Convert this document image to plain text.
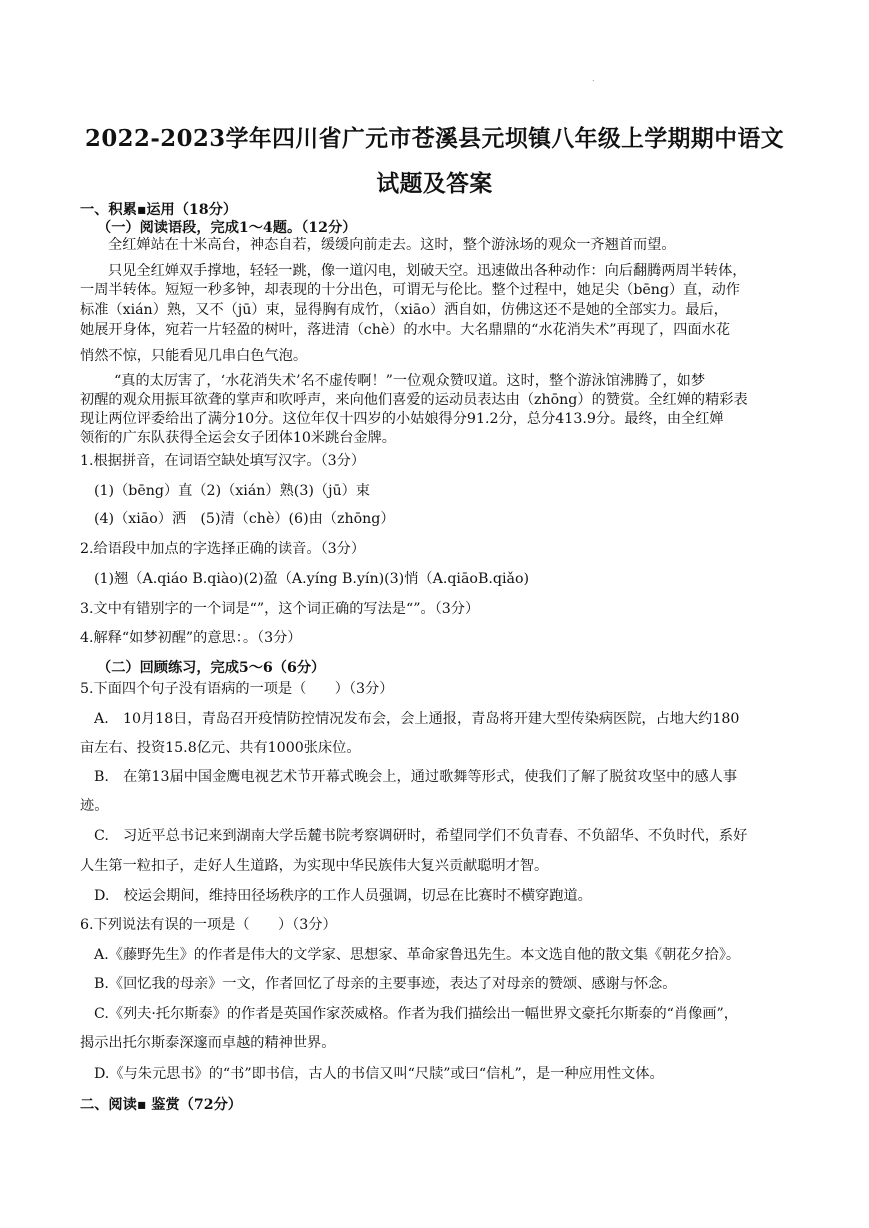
.
2022-2023学年四川省广元市苍溪县元坝镇八年级上学期期中语文
试题及答案
一、积累▪运用（18分）
（一）阅读语段，完成1～4题。（12分）
全红婵站在十米高台，神态自若，缓缓向前走去。这时，整个游泳场的观众一齐翘首而望。
只见全红婵双手撑地，轻轻一跳，像一道闪电，划破天空。迅速做出各种动作：向后翻腾两周半转体，
一周半转体。短短一秒多钟，却表现的十分出色，可谓无与伦比。整个过程中，她足尖（bēng）直，动作
标准（xián）熟，又不（jū）束，显得胸有成竹，（xiāo）洒自如，仿佛这还不是她的全部实力。最后，
她展开身体，宛若一片轻盈的树叶，落进清（chè）的水中。大名鼎鼎的“水花消失术”再现了，四面水花
悄然不惊，只能看见几串白色气泡。
“真的太厉害了，‘水花消失术’名不虚传啊！”一位观众赞叹道。这时，整个游泳馆沸腾了，如梦
初醒的观众用振耳欲聋的掌声和吹呼声，来向他们喜爱的运动员表达由（zhōng）的赞赏。全红婵的精彩表
现让两位评委给出了满分10分。这位年仅十四岁的小姑娘得分91.2分，总分413.9分。最终，由全红婵
领衔的广东队获得全运会女子团体10米跳台金牌。
1.根据拼音，在词语空缺处填写汉字。（3分）
(1)（bēng）直（2)（xián）熟(3)（jū）束
(4)（xiāo）洒　(5)清（chè）(6)由（zhōng）
2.给语段中加点的字选择正确的读音。（3分）
(1)翘（A.qiáo B.qiào)(2)盈（A.yíng B.yín)(3)悄（A.qiāoB.qiǎo)
3.文中有错别字的一个词是“”，这个词正确的写法是“”。（3分）
4.解释“如梦初醒”的意思：。（3分）
（二）回顾练习，完成5～6（6分）
5.下面四个句子没有语病的一项是（　　）（3分）
A.　10月18日，青岛召开疫情防控情况发布会，会上通报，青岛将开建大型传染病医院，占地大约180
亩左右、投资15.8亿元、共有1000张床位。
B.　在第13届中国金鹰电视艺术节开幕式晚会上，通过歌舞等形式，使我们了解了脱贫攻坚中的感人事
迹。
C.　习近平总书记来到湖南大学岳麓书院考察调研时，希望同学们不负青春、不负韶华、不负时代，系好
人生第一粒扣子，走好人生道路，为实现中华民族伟大复兴贡献聪明才智。
D.　校运会期间，维持田径场秩序的工作人员强调，切忌在比赛时不横穿跑道。
6.下列说法有误的一项是（　　）（3分）
A.《藤野先生》的作者是伟大的文学家、思想家、革命家鲁迅先生。本文选自他的散文集《朝花夕拾》。
B.《回忆我的母亲》一文，作者回忆了母亲的主要事迹，表达了对母亲的赞颂、感谢与怀念。
C.《列夫·托尔斯泰》的作者是英国作家茨威格。作者为我们描绘出一幅世界文豪托尔斯泰的“肖像画”，
揭示出托尔斯泰深邃而卓越的精神世界。
D.《与朱元思书》的“书”即书信，古人的书信又叫“尺牍”或曰“信札”，是一种应用性文体。
二、阅读▪ 鉴赏（72分）
